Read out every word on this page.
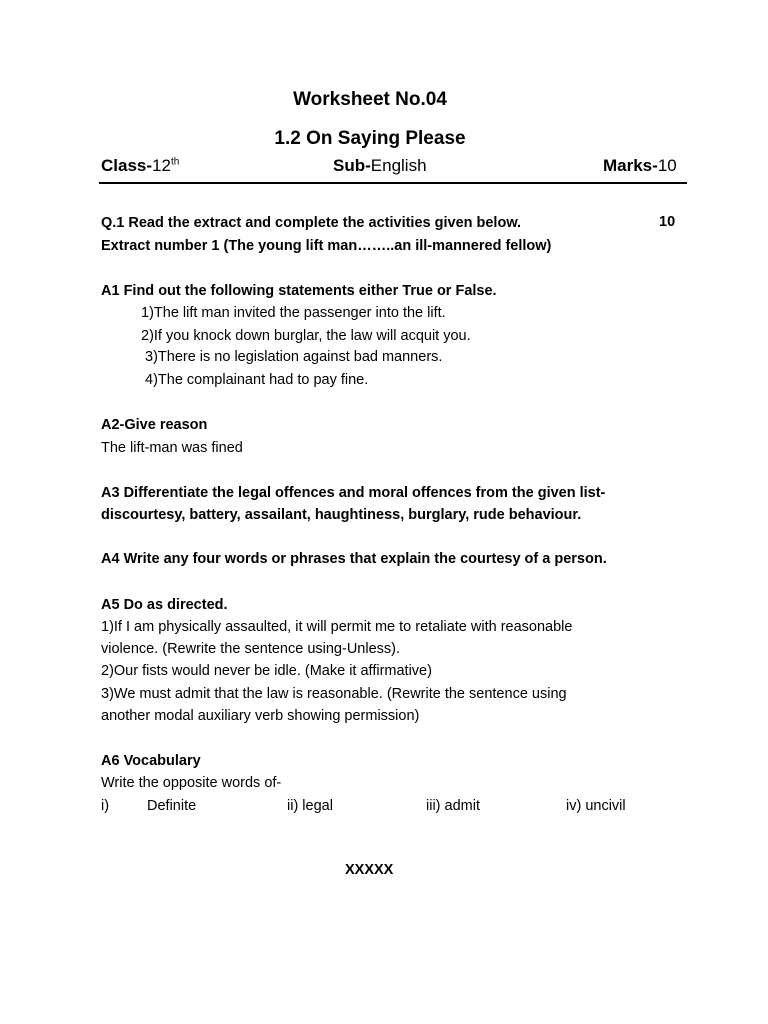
Worksheet No.04
1.2 On Saying Please
Class-12th	Sub-English	Marks-10
Q.1 Read the extract and complete the activities given below.	10
Extract number 1 (The young lift man……..an ill-mannered fellow)
A1 Find out the following statements either True or False.
1)The lift man invited the passenger into the lift.
2)If you knock down burglar, the law will acquit you.
3)There is no legislation against bad manners.
4)The complainant had to pay fine.
A2-Give reason
The lift-man was fined
A3 Differentiate the legal offences and moral offences from the given list-
discourtesy, battery, assailant, haughtiness, burglary, rude behaviour.
A4 Write any four words or phrases that explain the courtesy of a person.
A5 Do as directed.
1)If I am physically assaulted, it will permit me to retaliate with reasonable
violence. (Rewrite the sentence using-Unless).
2)Our fists would never be idle. (Make it affirmative)
3)We must admit that the law is reasonable. (Rewrite the sentence using
another modal auxiliary verb showing permission)
A6 Vocabulary
Write the opposite words of-
i)	Definite	ii) legal	iii) admit	iv) uncivil
XXXXX
